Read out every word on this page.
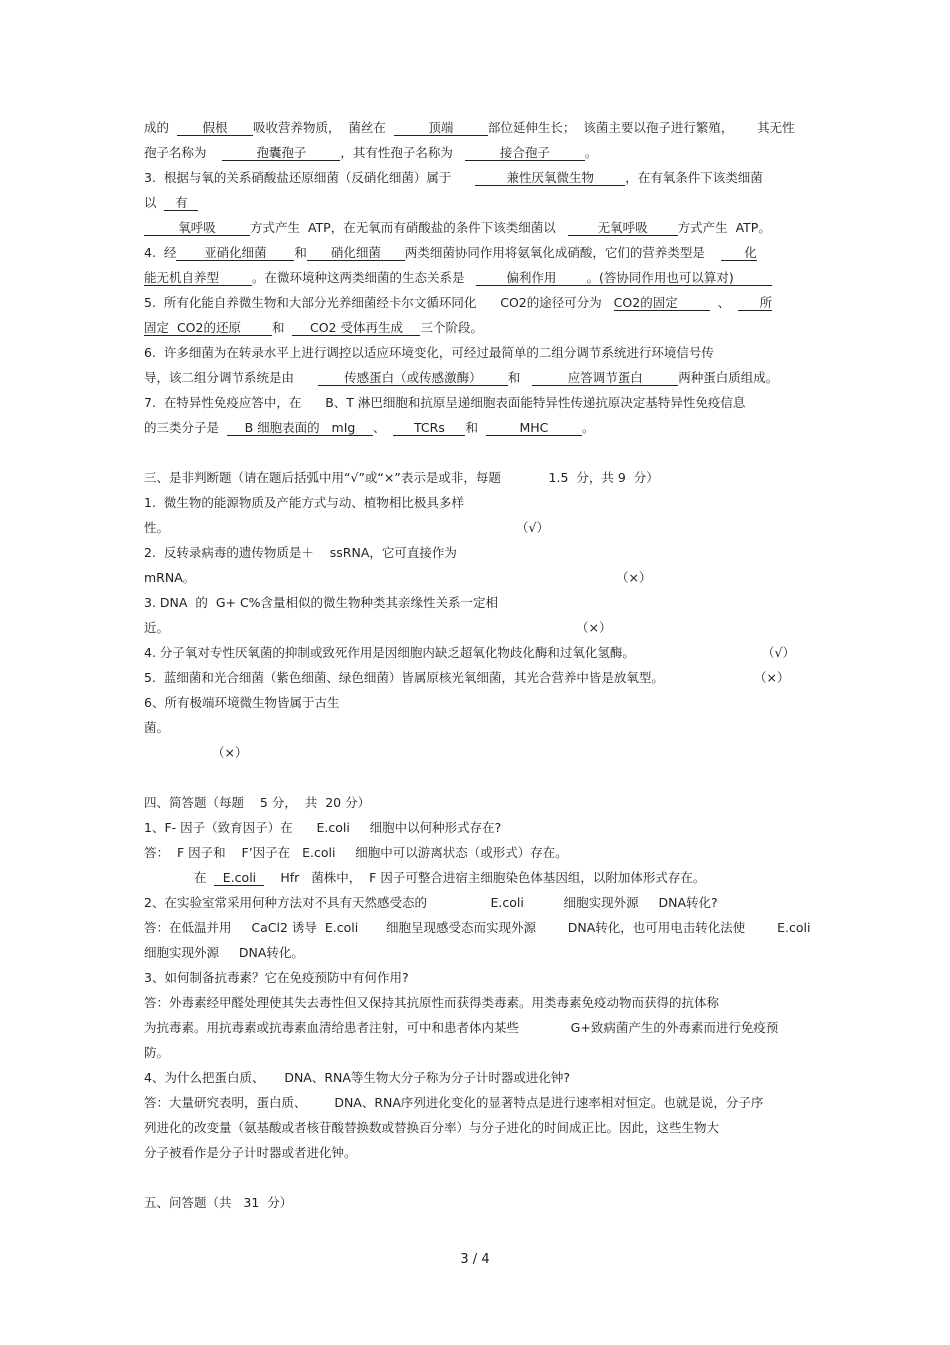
成的	假根 吸收营养物质，  菌丝在	顶端	部位延伸生长；  该菌主要以孢子进行繁殖，      其无性
孢子名称为	孢囊孢子	，其有性孢子名称为	接合孢子	。
3.  根据与氧的关系硝酸盐还原细菌（反硝化细菌）属于	兼性厌氧微生物	，在有氧条件下该类细菌
以 有
氧呼吸	方式产生  ATP，在无氧而有硝酸盐的条件下该类细菌以	无氧呼吸 方式产生  ATP。
4.  经 亚硝化细菌 和 硝化细菌 两类细菌协同作用将氨氧化成硝酸，它们的营养类型是	化
能无机自养型	。在微环境种这两类细菌的生态关系是	偏利作用 。(答协同作用也可以算对)
5.  所有化能自养微生物和大部分光养细菌经卡尔文循环同化 CO2的途径可分为 CO2的固定	、 所
固定  CO2的还原 和 CO2 受体再生成 三个阶段。
6.  许多细菌为在转录水平上进行调控以适应环境变化，可经过最简单的二组分调节系统进行环境信号传
导，该二组分调节系统是由	传感蛋白（或传感激酶） 和	应答调节蛋白	两种蛋白质组成。
7.  在特异性免疫应答中，在      B、T 淋巴细胞和抗原呈递细胞表面能特异性传递抗原决定基特异性免疫信息
的三类分子是 B 细胞表面的   mIg 、 TCRs 和	MHC	。
三、是非判断题（请在题后括弧中用“√”或“×”表示是或非，每题            1.5  分，共 9  分）
1.  微生物的能源物质及产能方式与动、植物相比极具多样
性。	（√）
2.  反转录病毒的遗传物质是＋    ssRNA，它可直接作为
mRNA。	（×）
3. DNA  的  G+ C%含量相似的微生物种类其亲缘性关系一定相
近。	（×）
4. 分子氧对专性厌氧菌的抑制或致死作用是因细胞内缺乏超氧化物歧化酶和过氧化氢酶。	（√）
5.  蓝细菌和光合细菌（紫色细菌、绿色细菌）皆属原核光氧细菌，其光合营养中皆是放氧型。	（×）
6、所有极端环境微生物皆属于古生
菌。
（×）
四、简答题（每题    5 分，  共  20 分）
1、F- 因子（致育因子）在      E.coli     细胞中以何种形式存在?
答：  F 因子和    F’因子在   E.coli     细胞中可以游离状态（或形式）存在。
在 E.coli    Hfr   菌株中，  F 因子可整合进宿主细胞染色体基因组，以附加体形式存在。
2、在实验室常采用何种方法对不具有天然感受态的                E.coli          细胞实现外源     DNA转化?
答：在低温并用     CaCl2 诱导  E.coli       细胞呈现感受态而实现外源        DNA转化，也可用电击转化法使        E.coli
细胞实现外源     DNA转化。
3、如何制备抗毒素？它在免疫预防中有何作用?
答：外毒素经甲醛处理使其失去毒性但又保持其抗原性而获得类毒素。用类毒素免疫动物而获得的抗体称
为抗毒素。用抗毒素或抗毒素血清给患者注射，可中和患者体内某些             G+致病菌产生的外毒素而进行免疫预
防。
4、为什么把蛋白质、     DNA、RNA等生物大分子称为分子计时器或进化钟?
答：大量研究表明，蛋白质、       DNA、RNA序列进化变化的显著特点是进行速率相对恒定。也就是说，分子序
列进化的改变量（氨基酸或者核苷酸替换数或替换百分率）与分子进化的时间成正比。因此，这些生物大
分子被看作是分子计时器或者进化钟。
五、问答题（共   31  分）
3 / 4
